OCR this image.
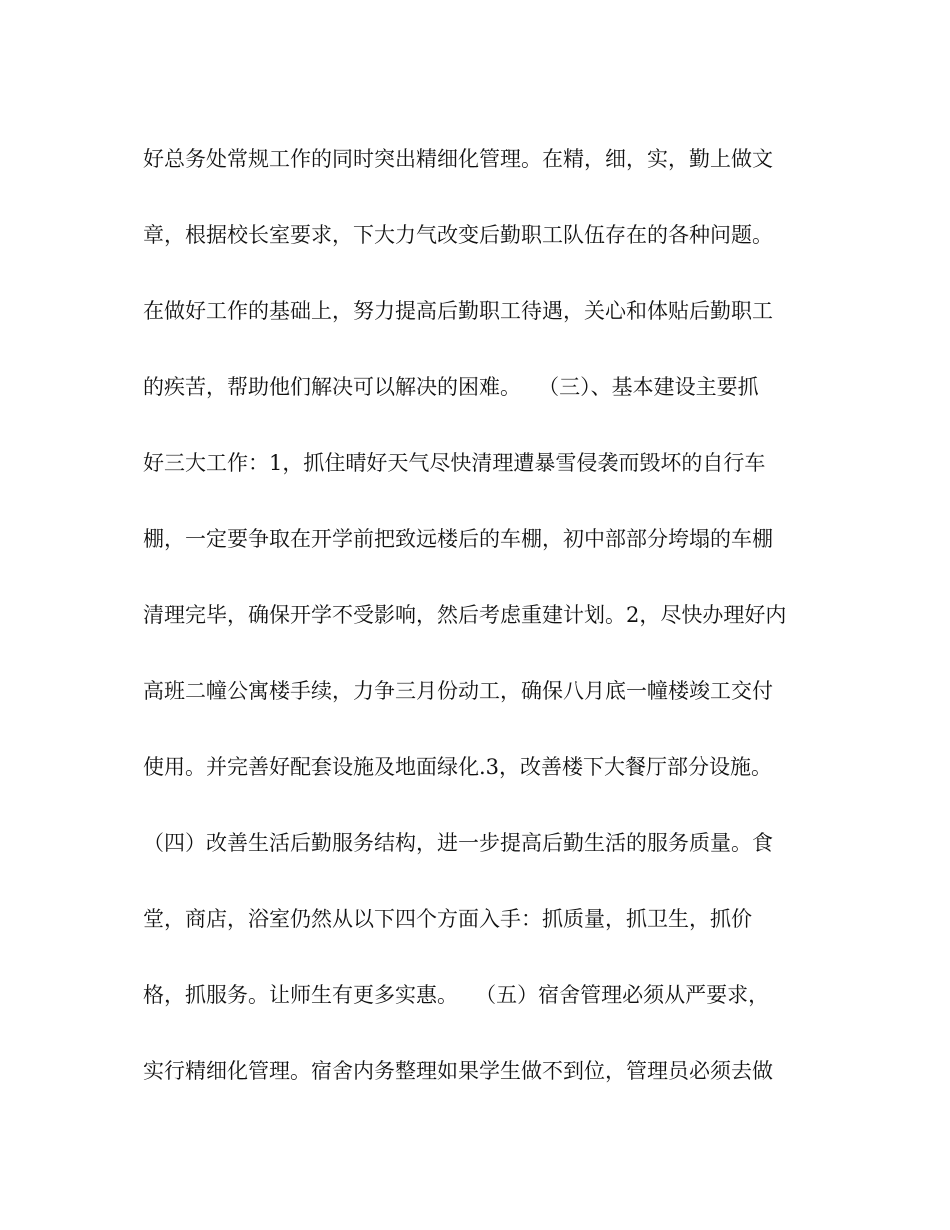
好总务处常规工作的同时突出精细化管理。在精，细，实，勤上做文
章，根据校长室要求，下大力气改变后勤职工队伍存在的各种问题。
在做好工作的基础上，努力提高后勤职工待遇，关心和体贴后勤职工
的疾苦，帮助他们解决可以解决的困难。　 （三）、基本建设主要抓
好三大工作：1，抓住晴好天气尽快清理遭暴雪侵袭而毁坏的自行车
棚，一定要争取在开学前把致远楼后的车棚，初中部部分垮塌的车棚
清理完毕，确保开学不受影响，然后考虑重建计划。2，尽快办理好内
高班二幢公寓楼手续，力争三月份动工，确保八月底一幢楼竣工交付
使用。并完善好配套设施及地面绿化.3，改善楼下大餐厅部分设施。
（四）改善生活后勤服务结构，进一步提高后勤生活的服务质量。食
堂，商店，浴室仍然从以下四个方面入手：抓质量，抓卫生，抓价
格，抓服务。让师生有更多实惠。　 （五）宿舍管理必须从严要求，
实行精细化管理。宿舍内务整理如果学生做不到位，管理员必须去做
